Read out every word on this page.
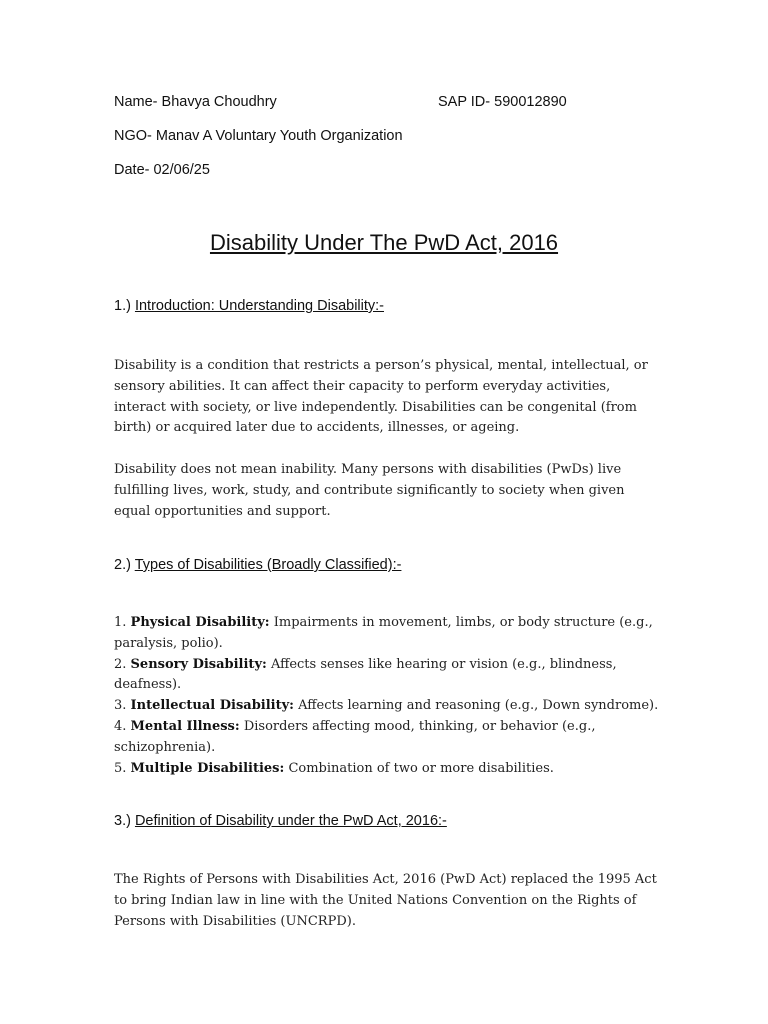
Name- Bhavya Choudhry	SAP ID- 590012890
NGO- Manav A Voluntary Youth Organization
Date- 02/06/25
Disability Under The PwD Act, 2016
1.) Introduction: Understanding Disability:-

Disability is a condition that restricts a person’s physical, mental, intellectual, or sensory abilities. It can affect their capacity to perform everyday activities, interact with society, or live independently. Disabilities can be congenital (from birth) or acquired later due to accidents, illnesses, or ageing.

Disability does not mean inability. Many persons with disabilities (PwDs) live fulfilling lives, work, study, and contribute significantly to society when given equal opportunities and support.

2.) Types of Disabilities (Broadly Classified):-

1. Physical Disability: Impairments in movement, limbs, or body structure (e.g., paralysis, polio).

2. Sensory Disability: Affects senses like hearing or vision (e.g., blindness, deafness).

3. Intellectual Disability: Affects learning and reasoning (e.g., Down syndrome).

4. Mental Illness: Disorders affecting mood, thinking, or behavior (e.g., schizophrenia).

5. Multiple Disabilities: Combination of two or more disabilities.

3.) Definition of Disability under the PwD Act, 2016:-

The Rights of Persons with Disabilities Act, 2016 (PwD Act) replaced the 1995 Act to bring Indian law in line with the United Nations Convention on the Rights of Persons with Disabilities (UNCRPD).
